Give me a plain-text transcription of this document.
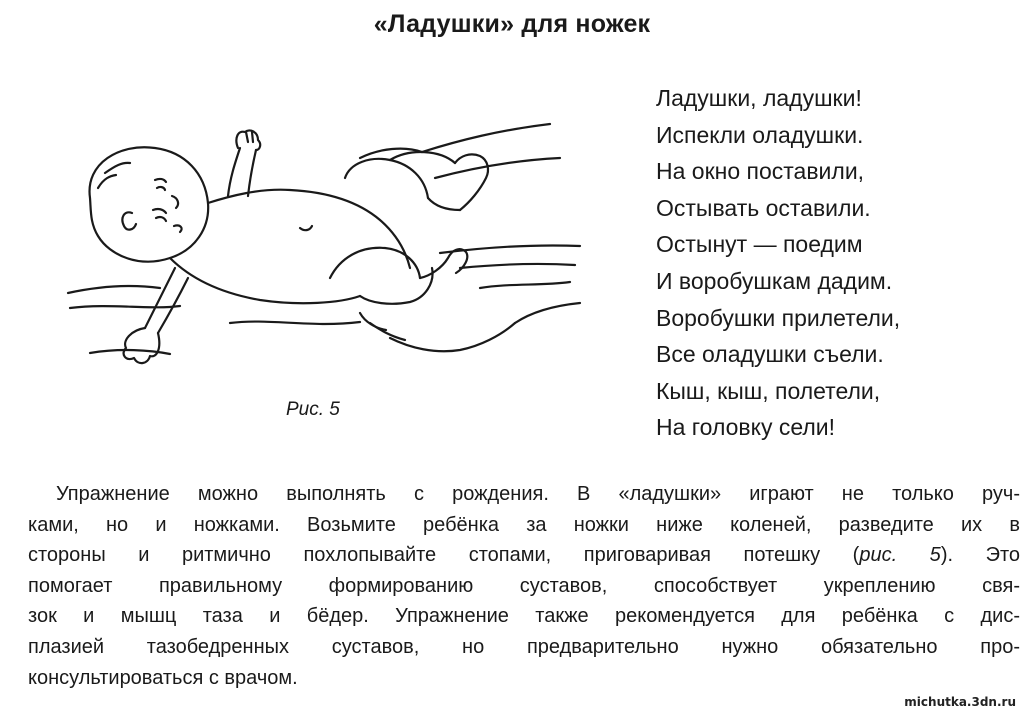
«Ладушки» для ножек
Рис. 5
Ладушки, ладушки!
Испекли оладушки.
На окно поставили,
Остывать оставили.
Остынут — поедим
И воробушкам дадим.
Воробушки прилетели,
Все оладушки съели.
Кыш, кыш, полетели,
На головку сели!
Упражнение можно выполнять с рождения. В «ладушки» играют не только руч-
ками, но и ножками. Возьмите ребёнка за ножки ниже коленей, разведите их в
стороны и ритмично похлопывайте стопами, приговаривая потешку (рис. 5). Это
помогает правильному формированию суставов, способствует укреплению свя-
зок и мышц таза и бёдер. Упражнение также рекомендуется для ребёнка с дис-
плазией тазобедренных суставов, но предварительно нужно обязательно про-
консультироваться с врачом.
michutka.3dn.ru
